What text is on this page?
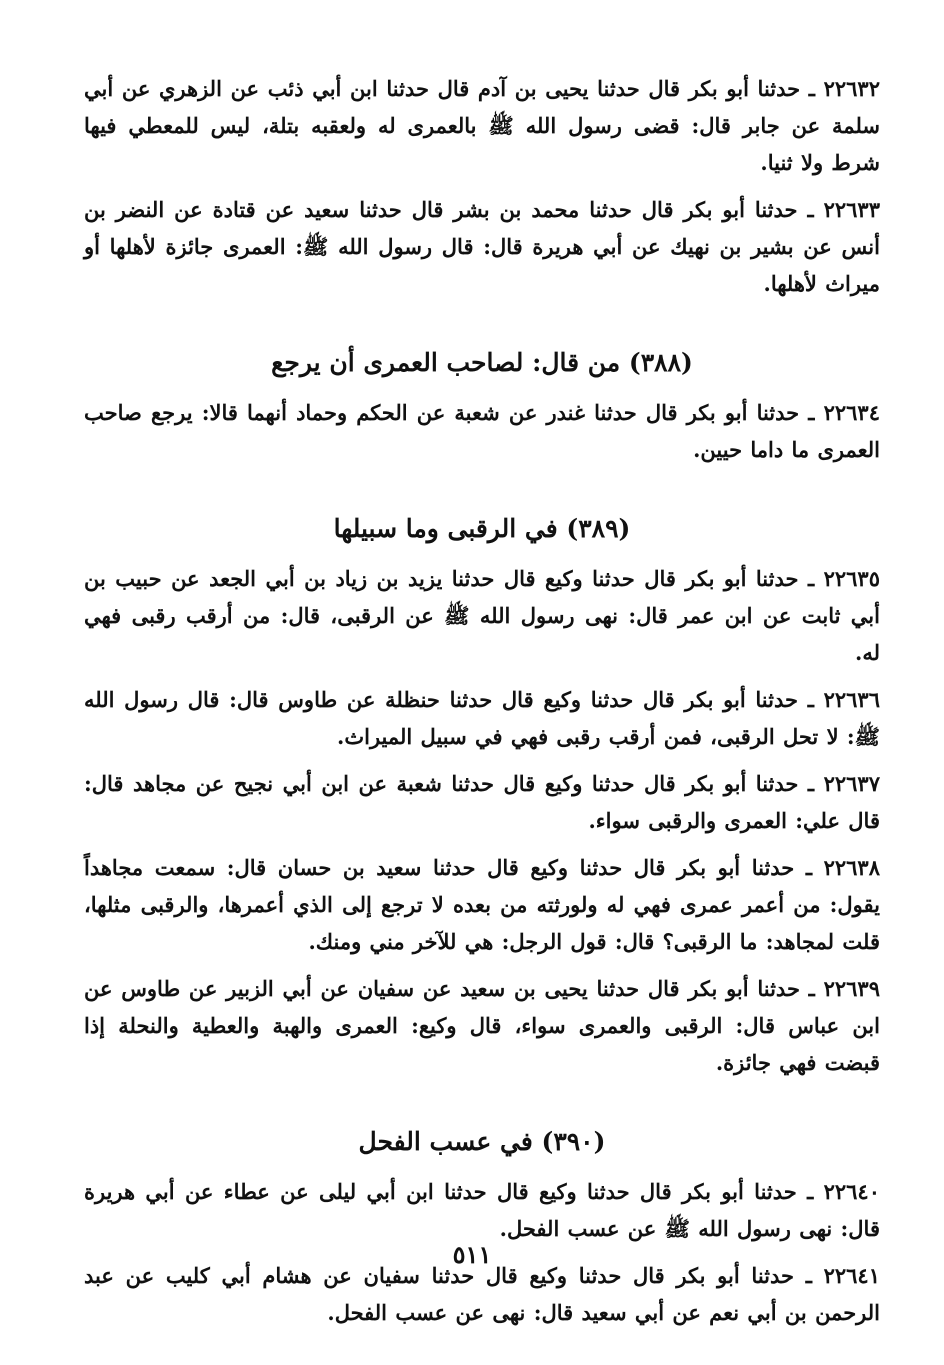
٢٢٦٣٢ ـ حدثنا أبو بكر قال حدثنا يحيى بن آدم قال حدثنا ابن أبي ذئب عن الزهري عن أبي سلمة عن جابر قال: قضى رسول الله ﷺ بالعمرى له ولعقبه بتلة، ليس للمعطي فيها شرط ولا ثنيا.

٢٢٦٣٣ ـ حدثنا أبو بكر قال حدثنا محمد بن بشر قال حدثنا سعيد عن قتادة عن النضر بن أنس عن بشير بن نهيك عن أبي هريرة قال: قال رسول الله ﷺ: العمرى جائزة لأهلها أو ميراث لأهلها.

(٣٨٨) من قال: لصاحب العمرى أن يرجع

٢٢٦٣٤ ـ حدثنا أبو بكر قال حدثنا غندر عن شعبة عن الحكم وحماد أنهما قالا: يرجع صاحب العمرى ما داما حيين.

(٣٨٩) في الرقبى وما سبيلها

٢٢٦٣٥ ـ حدثنا أبو بكر قال حدثنا وكيع قال حدثنا يزيد بن زياد بن أبي الجعد عن حبيب بن أبي ثابت عن ابن عمر قال: نهى رسول الله ﷺ عن الرقبى، قال: من أرقب رقبى فهي له.

٢٢٦٣٦ ـ حدثنا أبو بكر قال حدثنا وكيع قال حدثنا حنظلة عن طاوس قال: قال رسول الله ﷺ: لا تحل الرقبى، فمن أرقب رقبى فهي في سبيل الميراث.

٢٢٦٣٧ ـ حدثنا أبو بكر قال حدثنا وكيع قال حدثنا شعبة عن ابن أبي نجيح عن مجاهد قال: قال علي: العمرى والرقبى سواء.

٢٢٦٣٨ ـ حدثنا أبو بكر قال حدثنا وكيع قال حدثنا سعيد بن حسان قال: سمعت مجاهداً يقول: من أعمر عمرى فهي له ولورثته من بعده لا ترجع إلى الذي أعمرها، والرقبى مثلها، قلت لمجاهد: ما الرقبى؟ قال: قول الرجل: هي للآخر مني ومنك.

٢٢٦٣٩ ـ حدثنا أبو بكر قال حدثنا يحيى بن سعيد عن سفيان عن أبي الزبير عن طاوس عن ابن عباس قال: الرقبى والعمرى سواء، قال وكيع: العمرى والهبة والعطية والنحلة إذا قبضت فهي جائزة.

(٣٩٠) في عسب الفحل

٢٢٦٤٠ ـ حدثنا أبو بكر قال حدثنا وكيع قال حدثنا ابن أبي ليلى عن عطاء عن أبي هريرة قال: نهى رسول الله ﷺ عن عسب الفحل.

٢٢٦٤١ ـ حدثنا أبو بكر قال حدثنا وكيع قال حدثنا سفيان عن هشام أبي كليب عن عبد الرحمن بن أبي نعم عن أبي سعيد قال: نهى عن عسب الفحل.

٥١١
